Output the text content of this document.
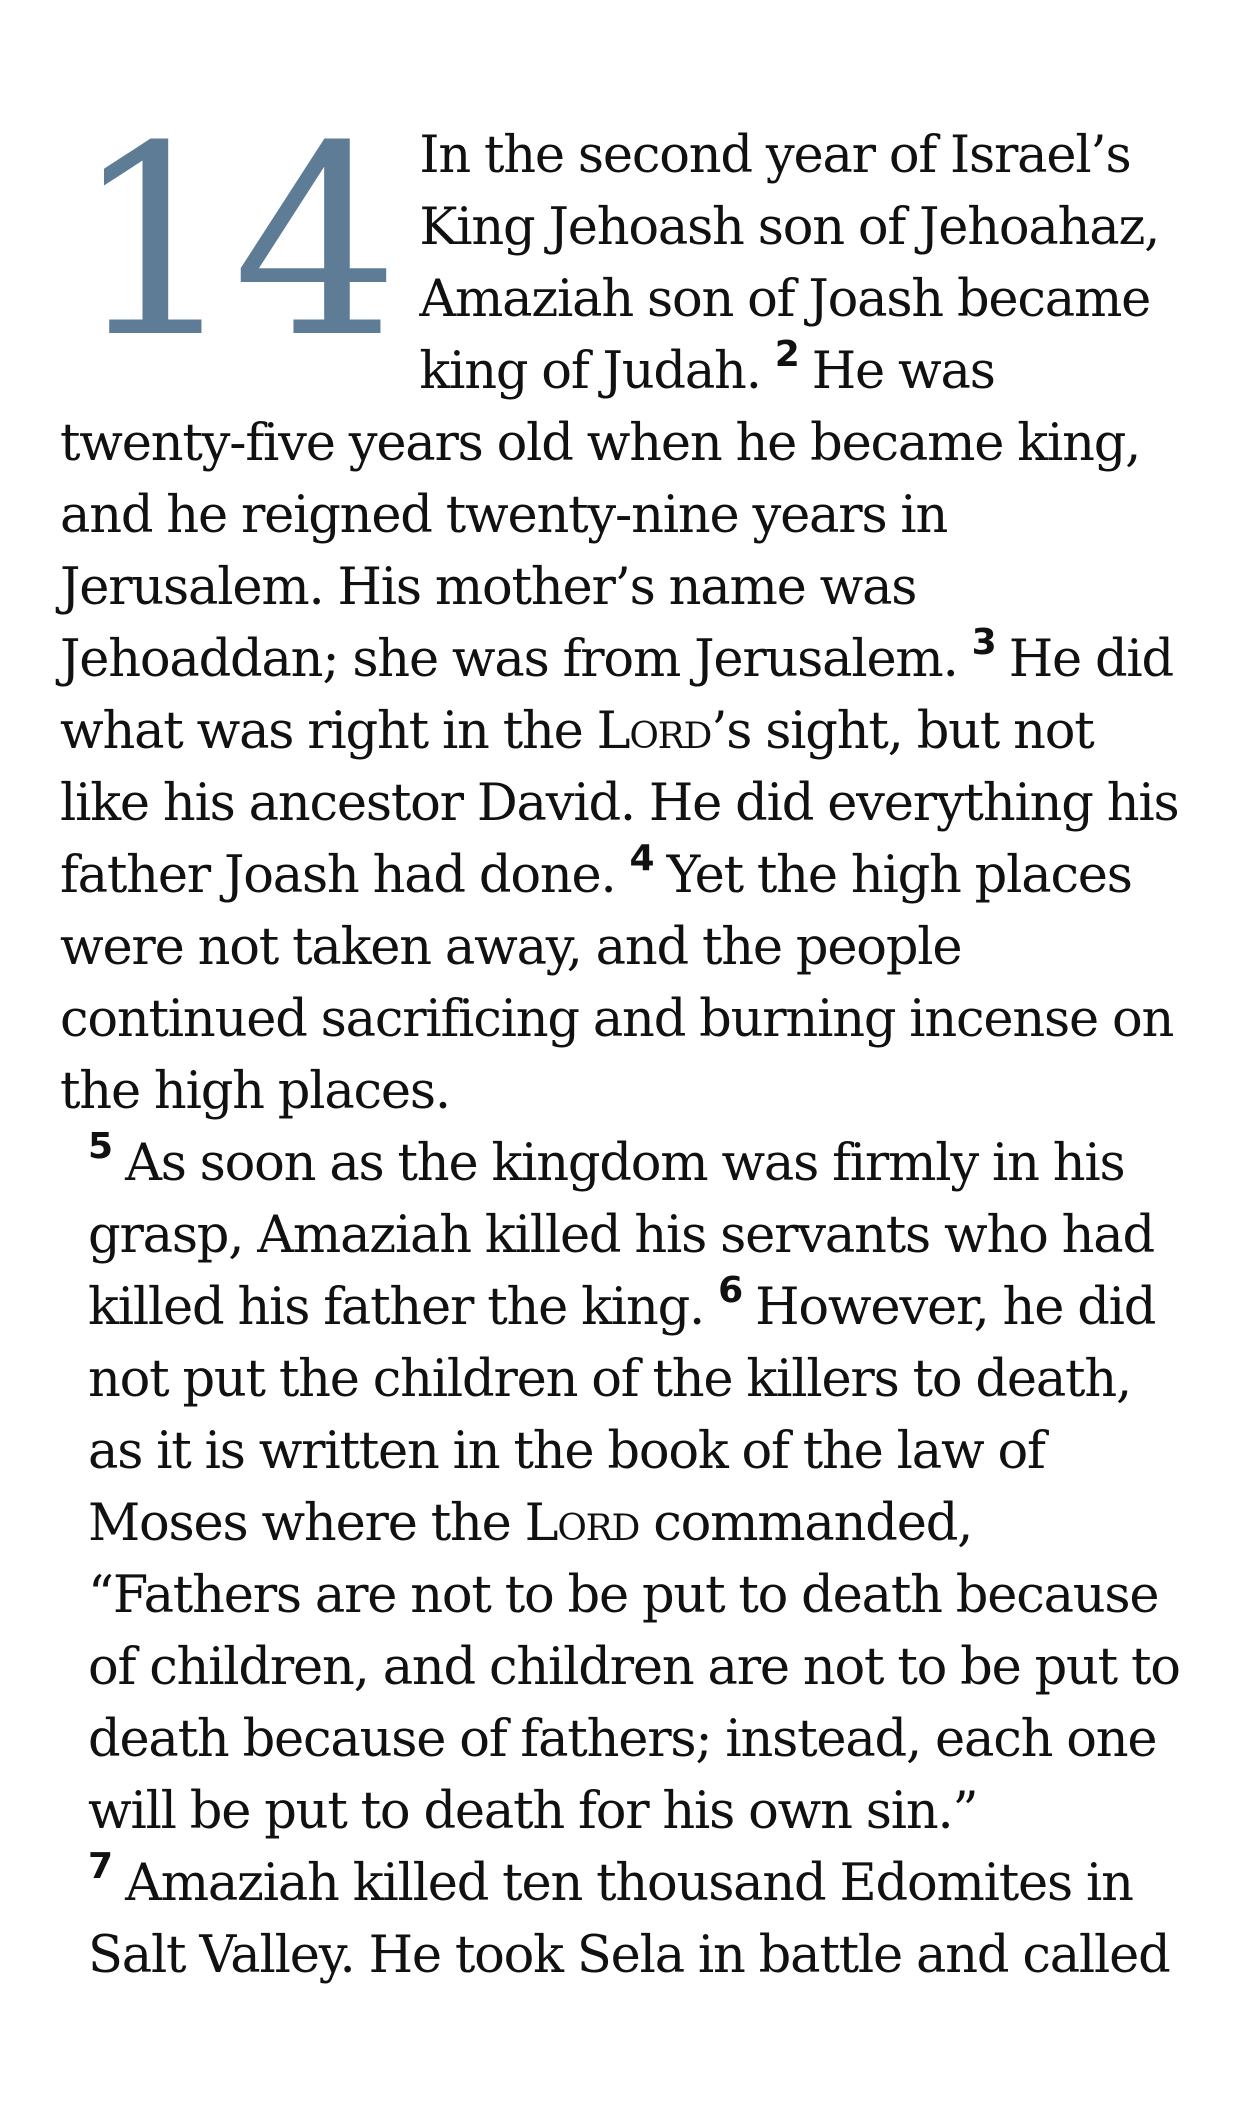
14 In the second year of Israel’s King Jehoash son of Jehoahaz, Amaziah son of Joash became king of Judah. $^2$ He was twenty-five years old when he became king, and he reigned twenty-nine years in Jerusalem. His mother’s name was Jehoaddan; she was from Jerusalem. $^3$ He did what was right in the Lord’s sight, but not like his ancestor David. He did everything his father Joash had done. $^4$ Yet the high places were not taken away, and the people continued sacrificing and burning incense on the high places.

$^5$ As soon as the kingdom was firmly in his grasp, Amaziah killed his servants who had killed his father the king. $^6$ However, he did not put the children of the killers to death, as it is written in the book of the law of Moses where the Lord commanded, “Fathers are not to be put to death because of children, and children are not to be put to death because of fathers; instead, each one will be put to death for his own sin.”

$^7$ Amaziah killed ten thousand Edomites in Salt Valley. He took Sela in battle and called
